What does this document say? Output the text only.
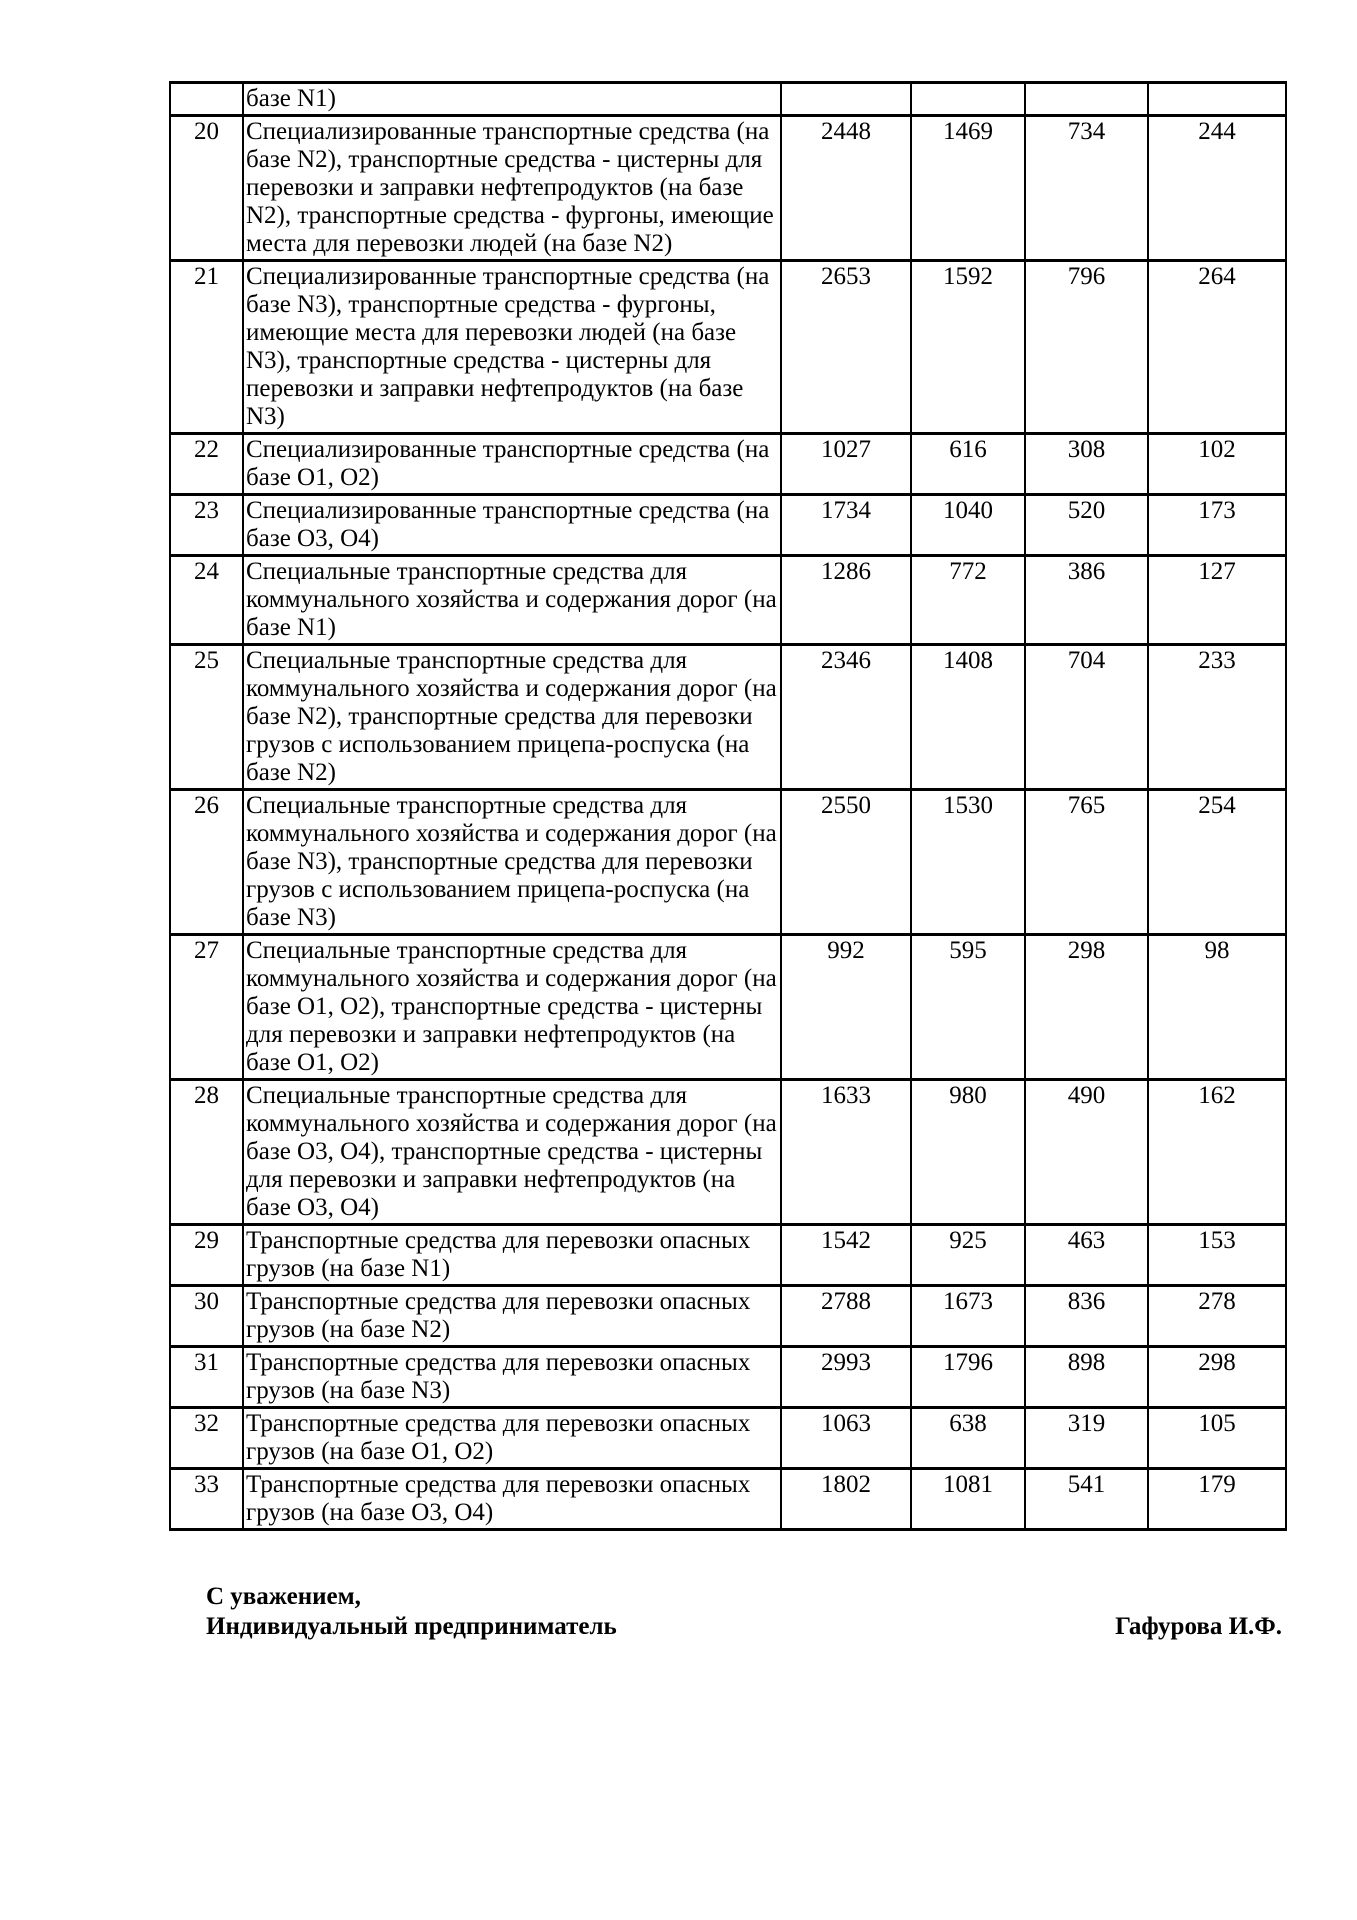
	базе N1)				
20	Специализированные транспортные средства (на базе N2), транспортные средства - цистерны для перевозки и заправки нефтепродуктов (на базе N2), транспортные средства - фургоны, имеющие места для перевозки людей (на базе N2)	2448	1469	734	244
21	Специализированные транспортные средства (на базе N3), транспортные средства - фургоны, имеющие места для перевозки людей (на базе N3), транспортные средства - цистерны для перевозки и заправки нефтепродуктов (на базе N3)	2653	1592	796	264
22	Специализированные транспортные средства (на базе О1, О2)	1027	616	308	102
23	Специализированные транспортные средства (на базе О3, О4)	1734	1040	520	173
24	Специальные транспортные средства для коммунального хозяйства и содержания дорог (на базе N1)	1286	772	386	127
25	Специальные транспортные средства для коммунального хозяйства и содержания дорог (на базе N2), транспортные средства для перевозки грузов с использованием прицепа-роспуска (на базе N2)	2346	1408	704	233
26	Специальные транспортные средства для коммунального хозяйства и содержания дорог (на базе N3), транспортные средства для перевозки грузов с использованием прицепа-роспуска (на базе N3)	2550	1530	765	254
27	Специальные транспортные средства для коммунального хозяйства и содержания дорог (на базе О1, О2), транспортные средства - цистерны для перевозки и заправки нефтепродуктов (на базе О1, О2)	992	595	298	98
28	Специальные транспортные средства для коммунального хозяйства и содержания дорог (на базе О3, О4), транспортные средства - цистерны для перевозки и заправки нефтепродуктов (на базе О3, О4)	1633	980	490	162
29	Транспортные средства для перевозки опасных грузов (на базе N1)	1542	925	463	153
30	Транспортные средства для перевозки опасных грузов (на базе N2)	2788	1673	836	278
31	Транспортные средства для перевозки опасных грузов (на базе N3)	2993	1796	898	298
32	Транспортные средства для перевозки опасных грузов (на базе О1, О2)	1063	638	319	105
33	Транспортные средства для перевозки опасных грузов (на базе О3, О4)	1802	1081	541	179
С уважением,
Индивидуальный предприниматель	Гафурова И.Ф.
